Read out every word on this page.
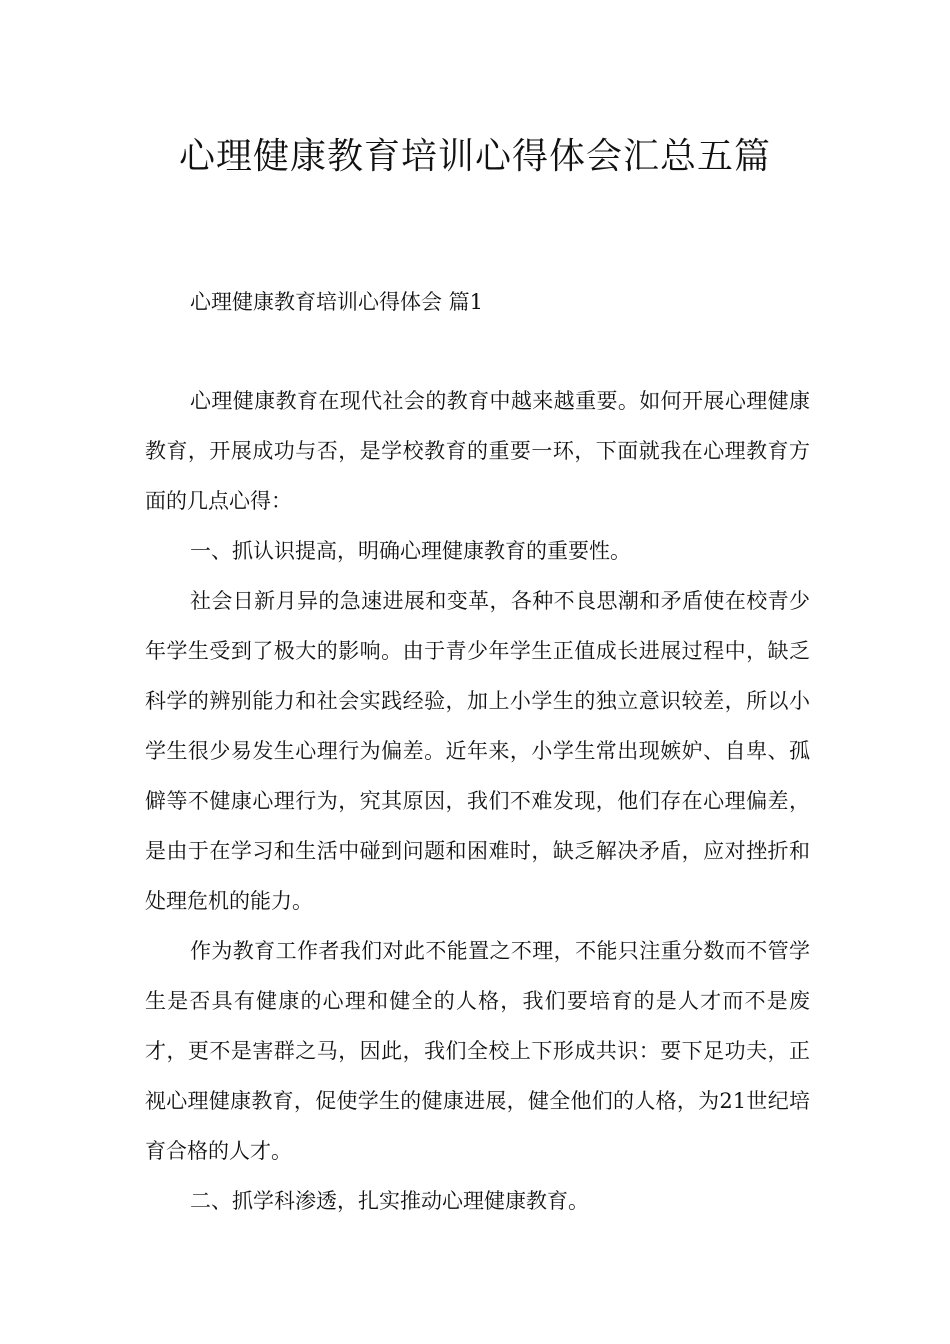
心理健康教育培训心得体会汇总五篇
心理健康教育培训心得体会 篇1

心理健康教育在现代社会的教育中越来越重要。如何开展心理健康教育，开展成功与否，是学校教育的重要一环，下面就我在心理教育方面的几点心得：

一、抓认识提高，明确心理健康教育的重要性。

社会日新月异的急速进展和变革，各种不良思潮和矛盾使在校青少年学生受到了极大的影响。由于青少年学生正值成长进展过程中，缺乏科学的辨别能力和社会实践经验，加上小学生的独立意识较差，所以小学生很少易发生心理行为偏差。近年来，小学生常出现嫉妒、自卑、孤僻等不健康心理行为，究其原因，我们不难发现，他们存在心理偏差，是由于在学习和生活中碰到问题和困难时，缺乏解决矛盾，应对挫折和处理危机的能力。

作为教育工作者我们对此不能置之不理，不能只注重分数而不管学生是否具有健康的心理和健全的人格，我们要培育的是人才而不是废才，更不是害群之马，因此，我们全校上下形成共识：要下足功夫，正视心理健康教育，促使学生的健康进展，健全他们的人格，为21世纪培育合格的人才。

二、抓学科渗透，扎实推动心理健康教育。
